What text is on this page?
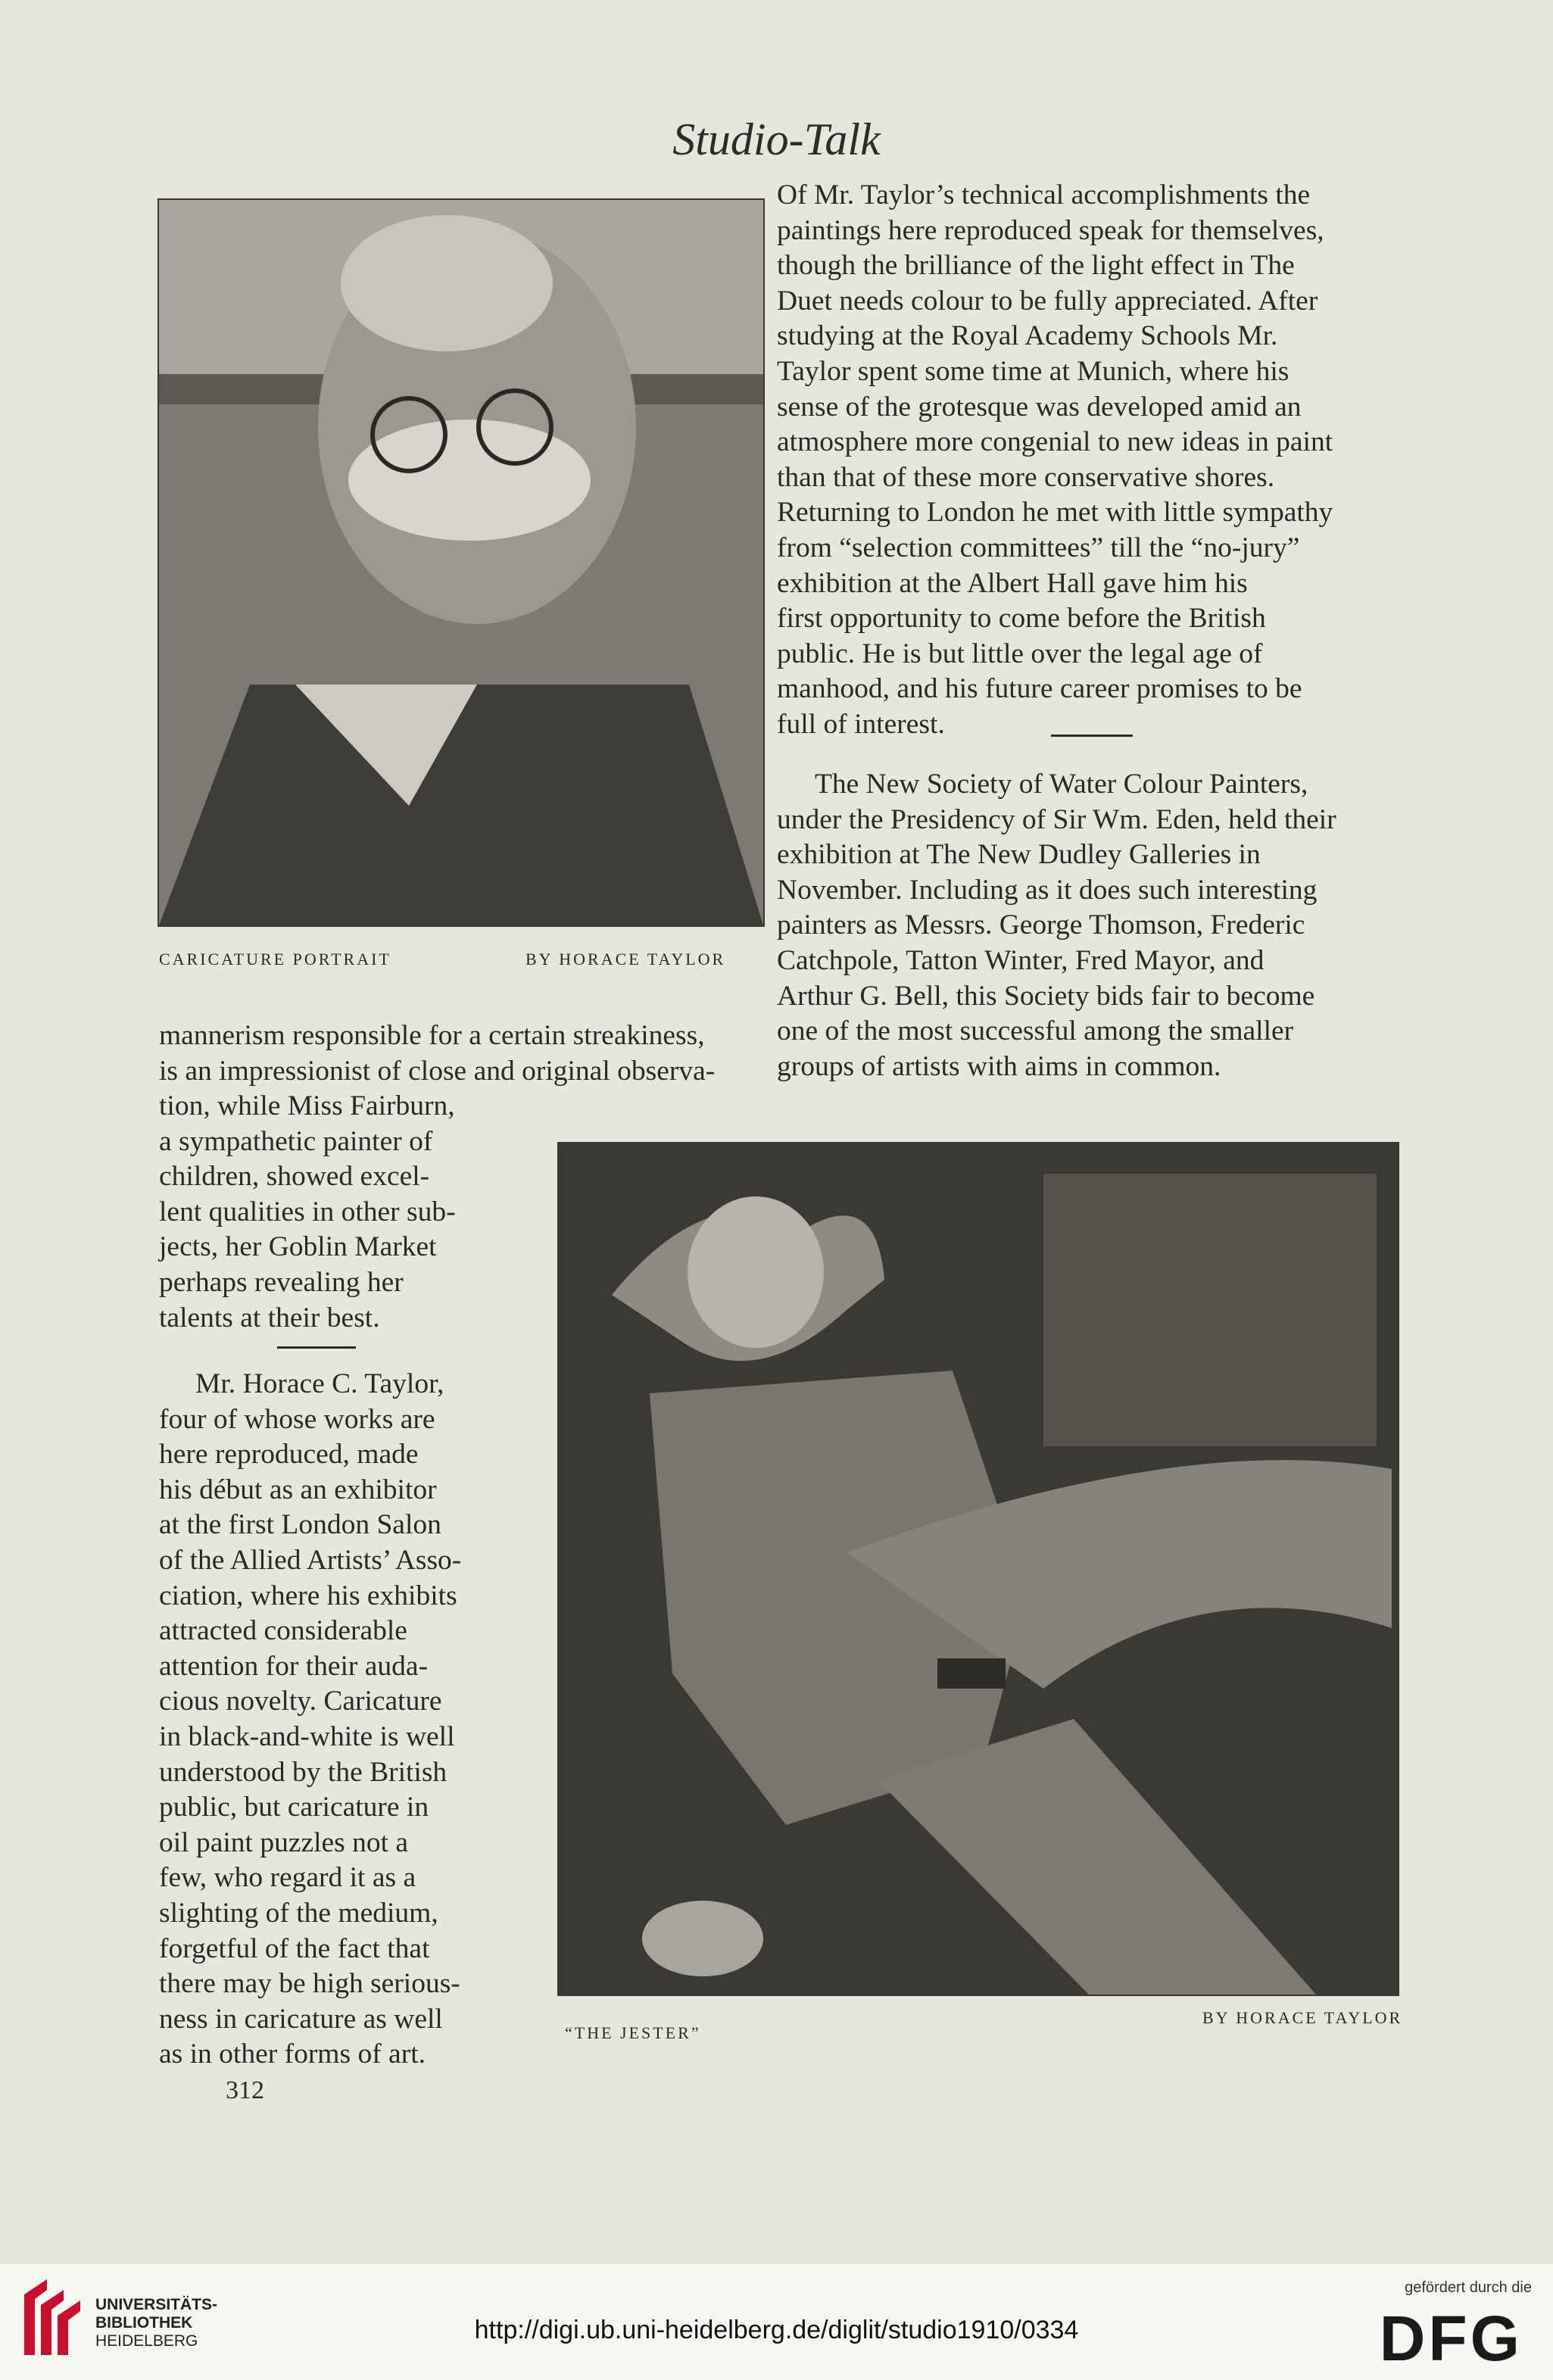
Studio-Talk
CARICATURE PORTRAIT	BY HORACE TAYLOR
Of Mr. Taylor’s technical accomplishments the
paintings here reproduced speak for themselves,
though the brilliance of the light effect in The
Duet needs colour to be fully appreciated. After
studying at the Royal Academy Schools Mr.
Taylor spent some time at Munich, where his
sense of the grotesque was developed amid an
atmosphere more congenial to new ideas in paint
than that of these more conservative shores.
Returning to London he met with little sympathy
from “selection committees” till the “no-jury”
exhibition at the Albert Hall gave him his
first opportunity to come before the British
public. He is but little over the legal age of
manhood, and his future career promises to be
full of interest.
The New Society of Water Colour Painters,
under the Presidency of Sir Wm. Eden, held their
exhibition at The New Dudley Galleries in
November. Including as it does such interesting
painters as Messrs. George Thomson, Frederic
Catchpole, Tatton Winter, Fred Mayor, and
Arthur G. Bell, this Society bids fair to become
one of the most successful among the smaller
groups of artists with aims in common.
mannerism responsible for a certain streakiness,
is an impressionist of close and original observa-
tion, while Miss Fairburn,
a sympathetic painter of
children, showed excel-
lent qualities in other sub-
jects, her Goblin Market
perhaps revealing her
talents at their best.
Mr. Horace C. Taylor,
four of whose works are
here reproduced, made
his début as an exhibitor
at the first London Salon
of the Allied Artists’ Asso-
ciation, where his exhibits
attracted considerable
attention for their auda-
cious novelty. Caricature
in black-and-white is well
understood by the British
public, but caricature in
oil paint puzzles not a
few, who regard it as a
slighting of the medium,
forgetful of the fact that
there may be high serious-
ness in caricature as well
as in other forms of art.
“THE JESTER”
BY HORACE TAYLOR
312
UNIVERSITÄTS-
BIBLIOTHEK
HEIDELBERG	http://digi.ub.uni-heidelberg.de/diglit/studio1910/0334
gefördert durch die
DFG
